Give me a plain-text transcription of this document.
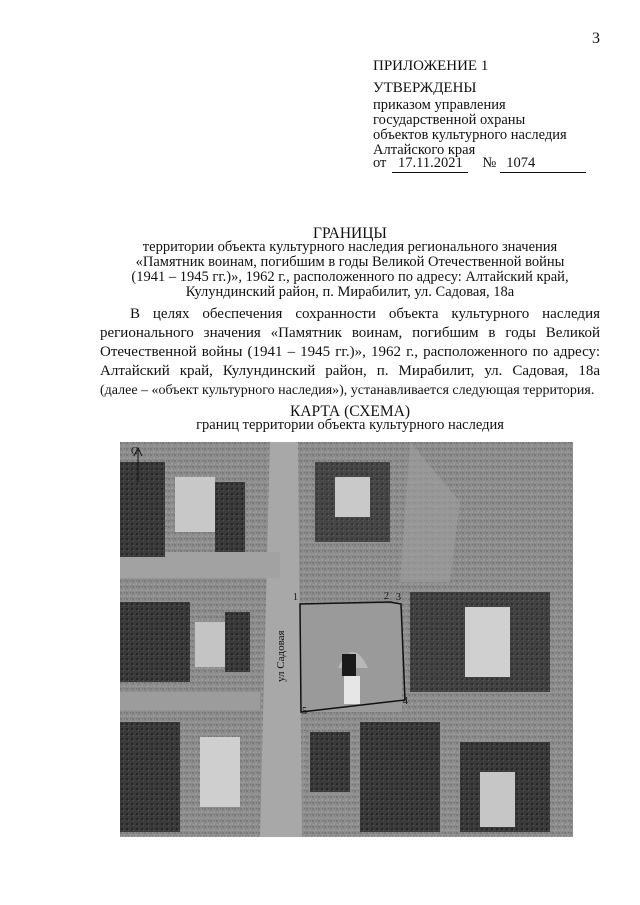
3
ПРИЛОЖЕНИЕ 1
УТВЕРЖДЕНЫ
приказом управления
государственной охраны
объектов культурного наследия
Алтайского края
от 17.11.2021 № 1074
ГРАНИЦЫ
территории объекта культурного наследия регионального значения
«Памятник воинам, погибшим в годы Великой Отечественной войны
(1941 – 1945 гг.)», 1962 г., расположенного по адресу: Алтайский край,
Кулундинский район, п. Мирабилит, ул. Садовая, 18а
В целях обеспечения сохранности объекта культурного наследия
регионального значения «Памятник воинам, погибшим в годы Великой
Отечественной войны (1941 – 1945 гг.)», 1962 г., расположенного по адресу:
Алтайский край, Кулундинский район, п. Мирабилит, ул. Садовая, 18а
(далее – «объект культурного наследия»), устанавливается следующая территория.
КАРТА (СХЕМА)
границ территории объекта культурного наследия
С
ул Садовая
1	2 3
4
5
